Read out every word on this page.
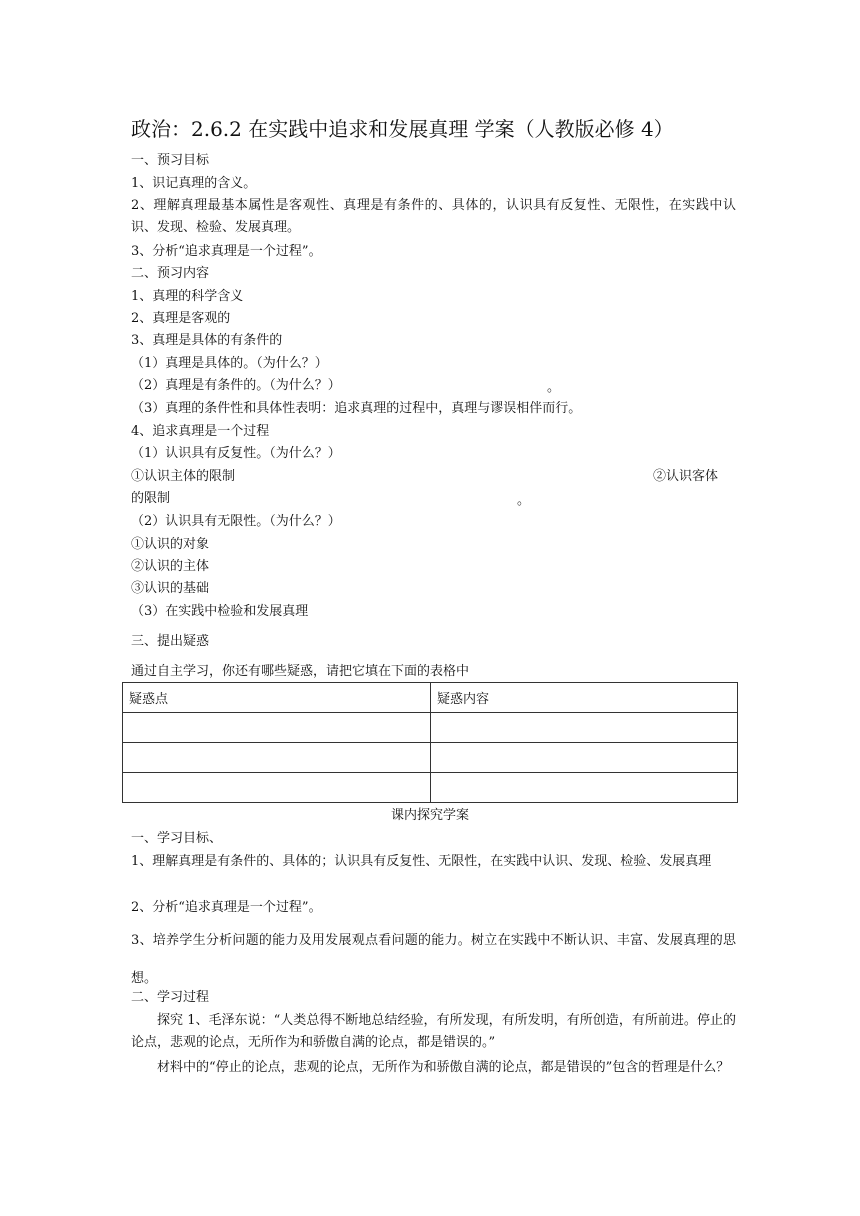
政治：2.6.2 在实践中追求和发展真理 学案（人教版必修 4）
一、预习目标
1、识记真理的含义。
2、理解真理最基本属性是客观性、真理是有条件的、具体的，认识具有反复性、无限性，在实践中认识、发现、检验、发展真理。
3、分析“追求真理是一个过程”。
二、预习内容
1、真理的科学含义
2、真理是客观的
3、真理是具体的有条件的
（1）真理是具体的。（为什么？）
（2）真理是有条件的。（为什么？）	。
（3）真理的条件性和具体性表明：追求真理的过程中，真理与谬误相伴而行。
4、追求真理是一个过程
（1）认识具有反复性。（为什么？）
①认识主体的限制	②认识客体
的限制	。
（2）认识具有无限性。（为什么？）
①认识的对象
②认识的主体
③认识的基础
（3）在实践中检验和发展真理
三、提出疑惑
通过自主学习，你还有哪些疑惑，请把它填在下面的表格中
疑惑点	疑惑内容

课内探究学案
一、学习目标、
1、理解真理是有条件的、具体的；认识具有反复性、无限性，在实践中认识、发现、检验、发展真理
2、分析“追求真理是一个过程”。
3、培养学生分析问题的能力及用发展观点看问题的能力。树立在实践中不断认识、丰富、发展真理的思想。
二、学习过程
探究 1、毛泽东说：“人类总得不断地总结经验，有所发现，有所发明，有所创造，有所前进。停止的论点，悲观的论点，无所作为和骄傲自满的论点，都是错误的。”
材料中的“停止的论点，悲观的论点，无所作为和骄傲自满的论点，都是错误的”包含的哲理是什么？
